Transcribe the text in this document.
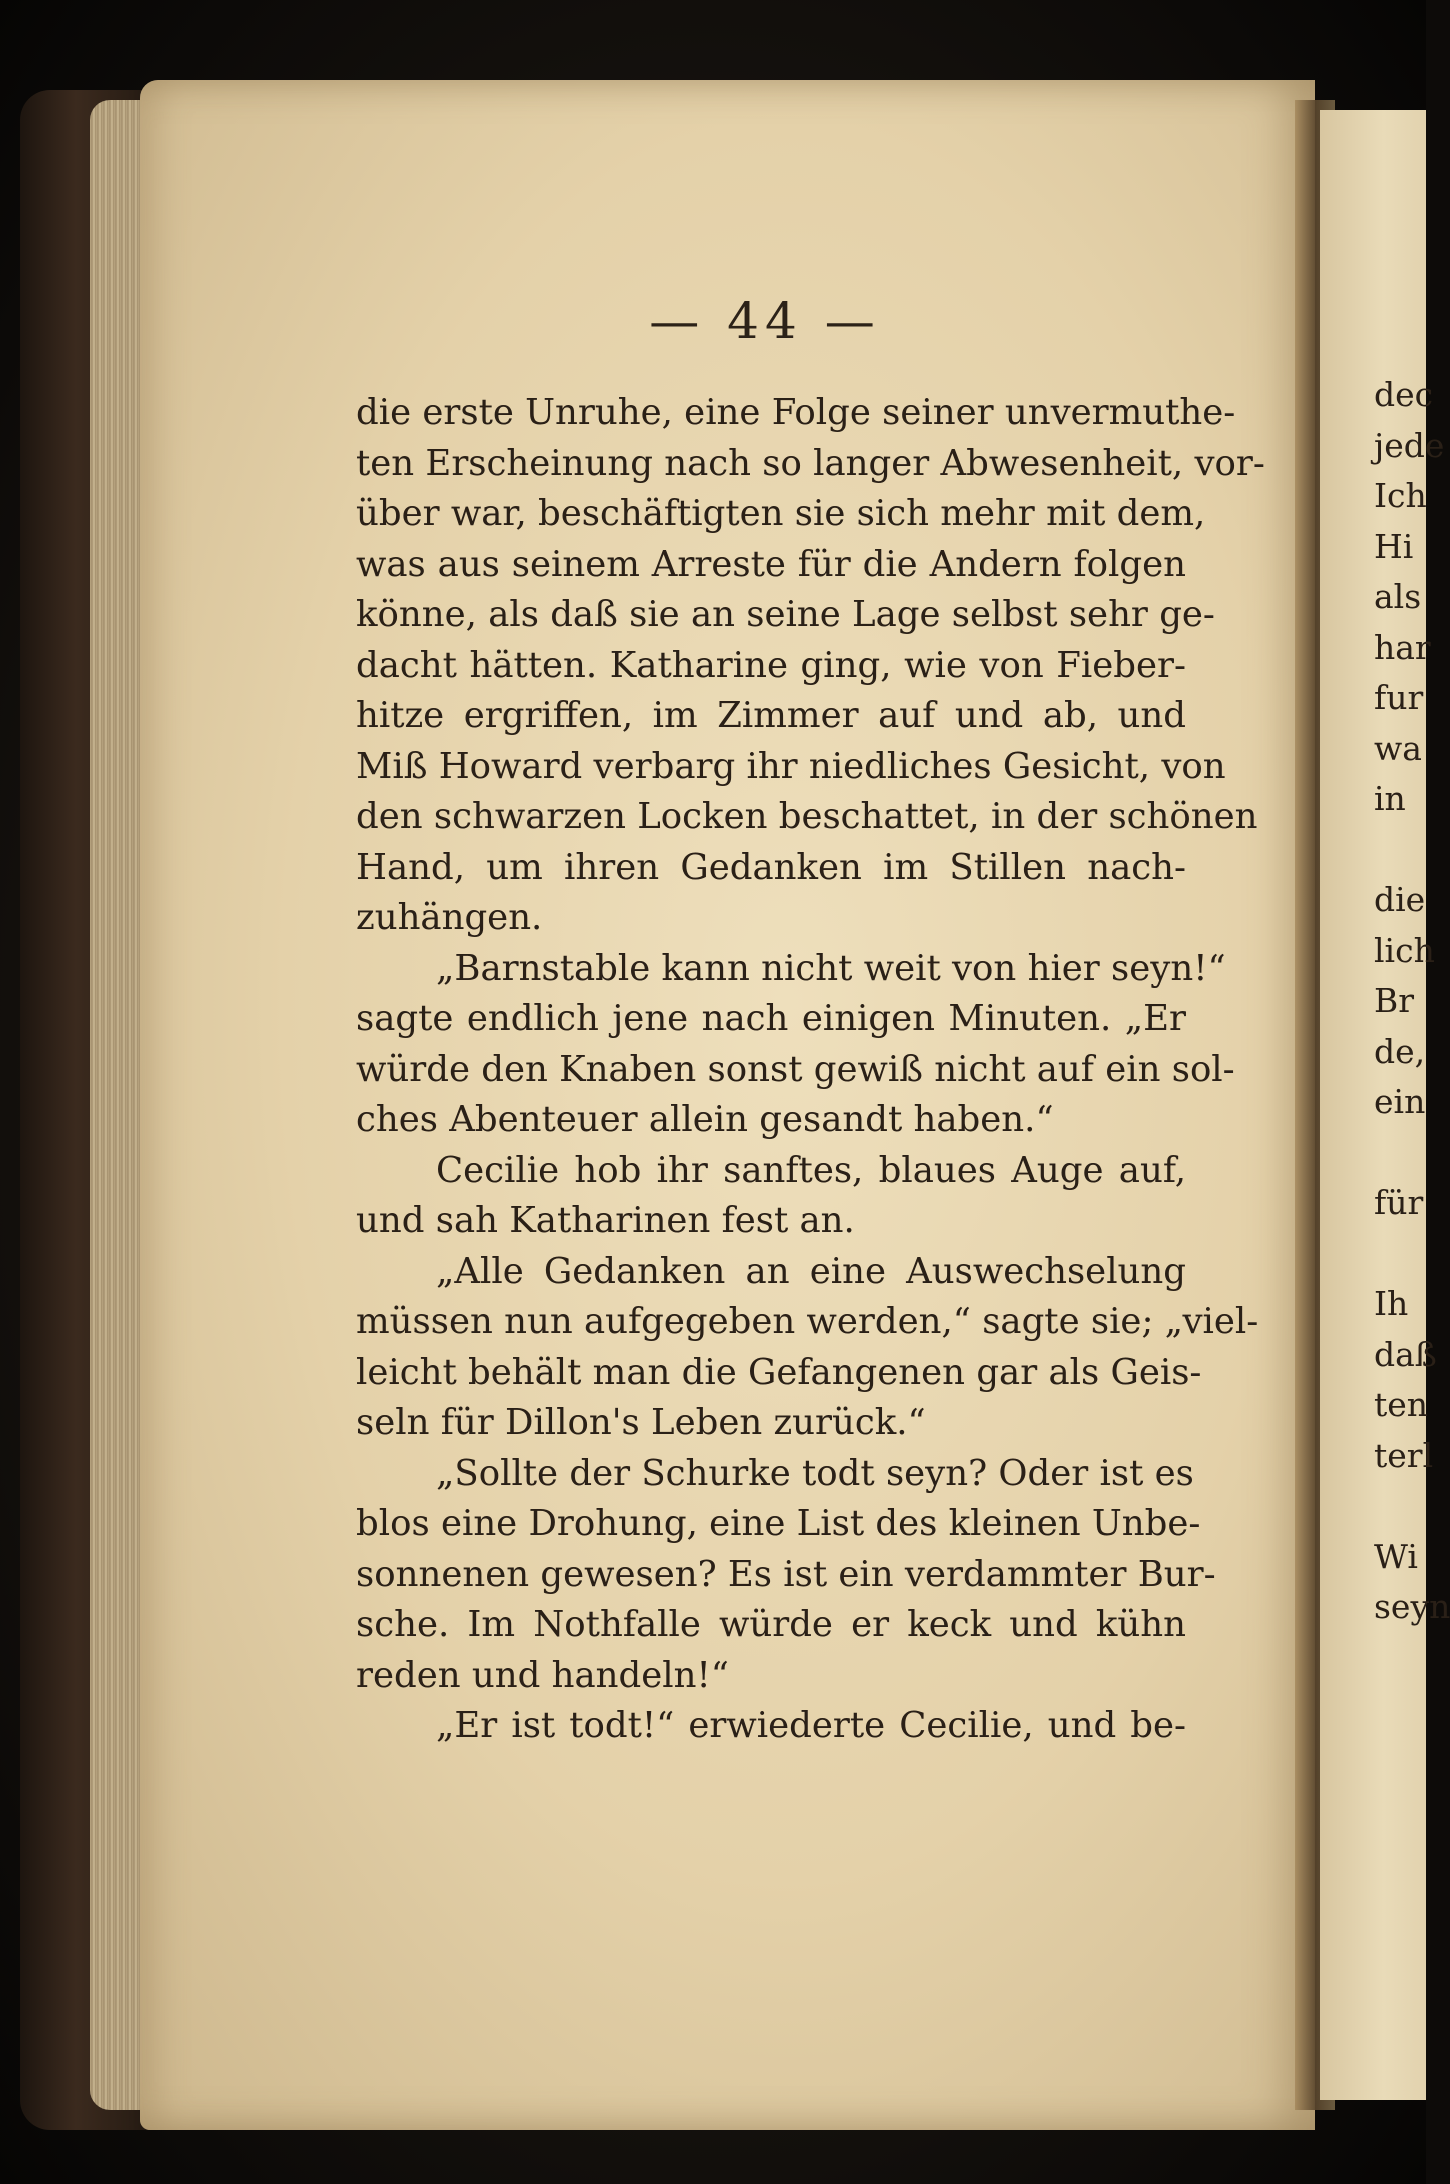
— 44 —
die erste Unruhe, eine Folge seiner unvermuthe-
ten Erscheinung nach so langer Abwesenheit, vor-
über war, beschäftigten sie sich mehr mit dem,
was aus seinem Arreste für die Andern folgen
könne, als daß sie an seine Lage selbst sehr ge-
dacht hätten. Katharine ging, wie von Fieber-
hitze ergriffen, im Zimmer auf und ab, und
Miß Howard verbarg ihr niedliches Gesicht, von
den schwarzen Locken beschattet, in der schönen
Hand, um ihren Gedanken im Stillen nach-
zuhängen.
„Barnstable kann nicht weit von hier seyn!“
sagte endlich jene nach einigen Minuten. „Er
würde den Knaben sonst gewiß nicht auf ein sol-
ches Abenteuer allein gesandt haben.“
Cecilie hob ihr sanftes, blaues Auge auf,
und sah Katharinen fest an.
„Alle Gedanken an eine Auswechselung
müssen nun aufgegeben werden,“ sagte sie; „viel-
leicht behält man die Gefangenen gar als Geis-
seln für Dillon's Leben zurück.“
„Sollte der Schurke todt seyn? Oder ist es
blos eine Drohung, eine List des kleinen Unbe-
sonnenen gewesen? Es ist ein verdammter Bur-
sche. Im Nothfalle würde er keck und kühn
reden und handeln!“
„Er ist todt!“ erwiederte Cecilie, und be-
dec
jede
Ich
Hi
als
har
fur
wa
in
die
lich
Br
de,
ein
für
Ih
daß
ten
terl
Wi
seyn
